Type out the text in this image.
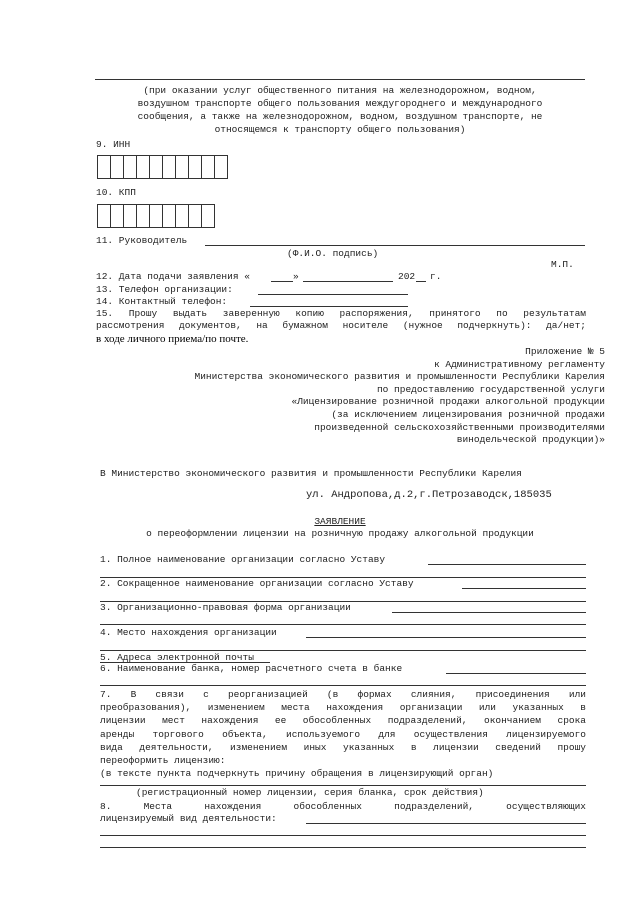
(при оказании услуг общественного питания на железнодорожном, водном,
воздушном транспорте общего пользования междугороднего и международного
сообщения, а также на железнодорожном, водном, воздушном транспорте, не
относящемся к транспорту общего пользования)
9. ИНН
10. КПП
11. Руководитель
(Ф.И.О. подпись)
М.П.
12. Дата подачи заявления «	»	202 г.
13. Телефон организации:
14. Контактный телефон:
15. Прошу выдать заверенную копию распоряжения, принятого по результатам
рассмотрения документов, на бумажном носителе (нужное подчеркнуть): да/нет;
в ходе личного приема/по почте.
Приложение № 5
к Административному регламенту
Министерства экономического развития и промышленности Республики Карелия
по предоставлению государственной услуги
«Лицензирование розничной продажи алкогольной продукции
(за исключением лицензирования розничной продажи
произведенной сельскохозяйственными производителями
винодельческой продукции)»
В Министерство экономического развития и промышленности Республики Карелия
ул. Андропова,д.2,г.Петрозаводск,185035
ЗАЯВЛЕНИЕ
о переоформлении лицензии на розничную продажу алкогольной продукции
1. Полное наименование организации согласно Уставу
2. Сокращенное наименование организации согласно Уставу
3. Организационно-правовая форма организации
4. Место нахождения организации
5. Адреса электронной почты
6. Наименование банка, номер расчетного счета в банке
7. В связи с реорганизацией (в формах слияния, присоединения или
преобразования), изменением места нахождения организации или указанных в
лицензии мест нахождения ее обособленных подразделений, окончанием срока
аренды торгового объекта, используемого для осуществления лицензируемого
вида деятельности, изменением иных указанных в лицензии сведений прошу
переоформить лицензию:
(в тексте пункта подчеркнуть причину обращения в лицензирующий орган)
(регистрационный номер лицензии, серия бланка, срок действия)
8. Места нахождения обособленных подразделений, осуществляющих
лицензируемый вид деятельности:
